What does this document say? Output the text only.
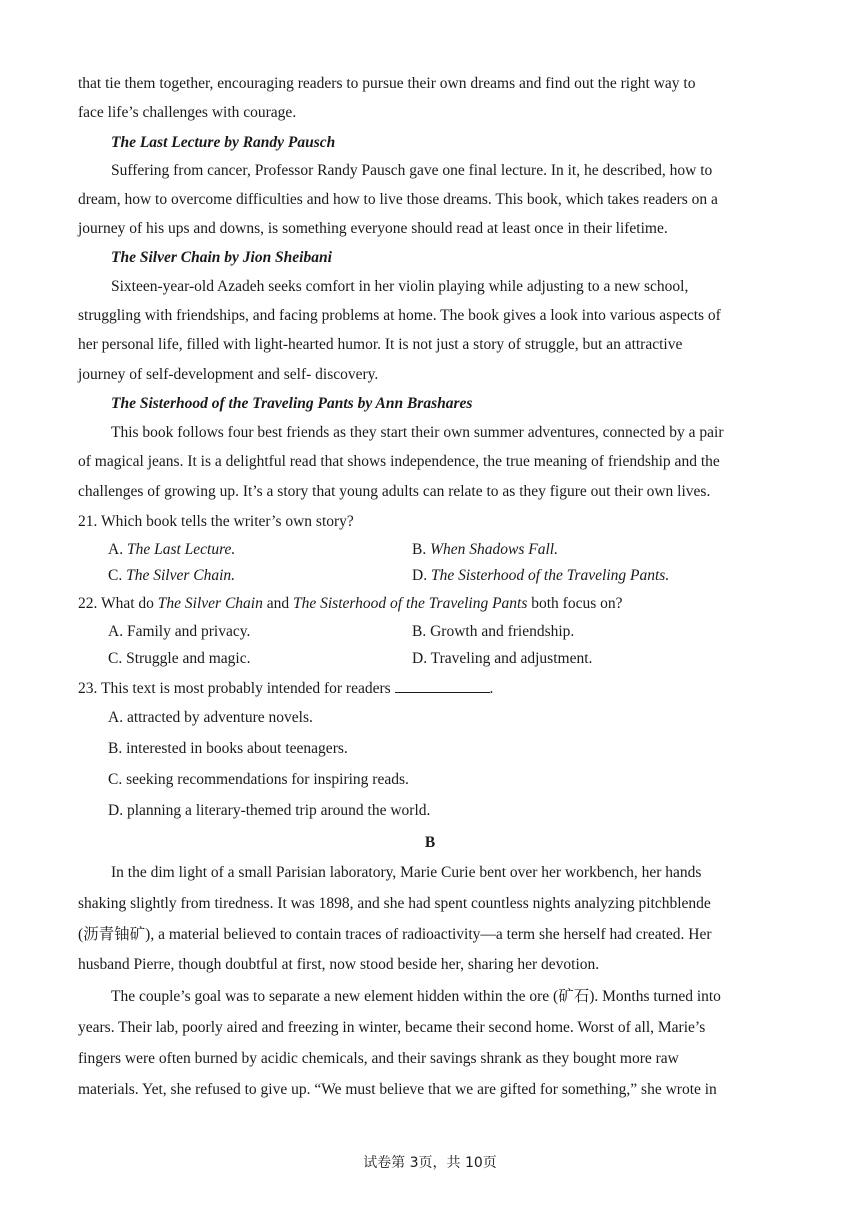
that tie them together, encouraging readers to pursue their own dreams and find out the right way to
face life’s challenges with courage.
The Last Lecture by Randy Pausch
Suffering from cancer, Professor Randy Pausch gave one final lecture. In it, he described, how to
dream, how to overcome difficulties and how to live those dreams. This book, which takes readers on a
journey of his ups and downs, is something everyone should read at least once in their lifetime.
The Silver Chain by Jion Sheibani
Sixteen-year-old Azadeh seeks comfort in her violin playing while adjusting to a new school,
struggling with friendships, and facing problems at home. The book gives a look into various aspects of
her personal life, filled with light-hearted humor. It is not just a story of struggle, but an attractive
journey of self-development and self- discovery.
The Sisterhood of the Traveling Pants by Ann Brashares
This book follows four best friends as they start their own summer adventures, connected by a pair
of magical jeans. It is a delightful read that shows independence, the true meaning of friendship and the
challenges of growing up. It’s a story that young adults can relate to as they figure out their own lives.
21. Which book tells the writer’s own story?
A. The Last Lecture.	B. When Shadows Fall.
C. The Silver Chain.	D. The Sisterhood of the Traveling Pants.
22. What do The Silver Chain and The Sisterhood of the Traveling Pants both focus on?
A. Family and privacy.	B. Growth and friendship.
C. Struggle and magic.	D. Traveling and adjustment.
23. This text is most probably intended for readers	.
A. attracted by adventure novels.
B. interested in books about teenagers.
C. seeking recommendations for inspiring reads.
D. planning a literary-themed trip around the world.
B
In the dim light of a small Parisian laboratory, Marie Curie bent over her workbench, her hands
shaking slightly from tiredness. It was 1898, and she had spent countless nights analyzing pitchblende
(沥青铀矿), a material believed to contain traces of radioactivity—a term she herself had created. Her
husband Pierre, though doubtful at first, now stood beside her, sharing her devotion.
The couple’s goal was to separate a new element hidden within the ore (矿石). Months turned into
years. Their lab, poorly aired and freezing in winter, became their second home. Worst of all, Marie’s
fingers were often burned by acidic chemicals, and their savings shrank as they bought more raw
materials. Yet, she refused to give up. “We must believe that we are gifted for something,” she wrote in
试卷第 3页，共 10页
